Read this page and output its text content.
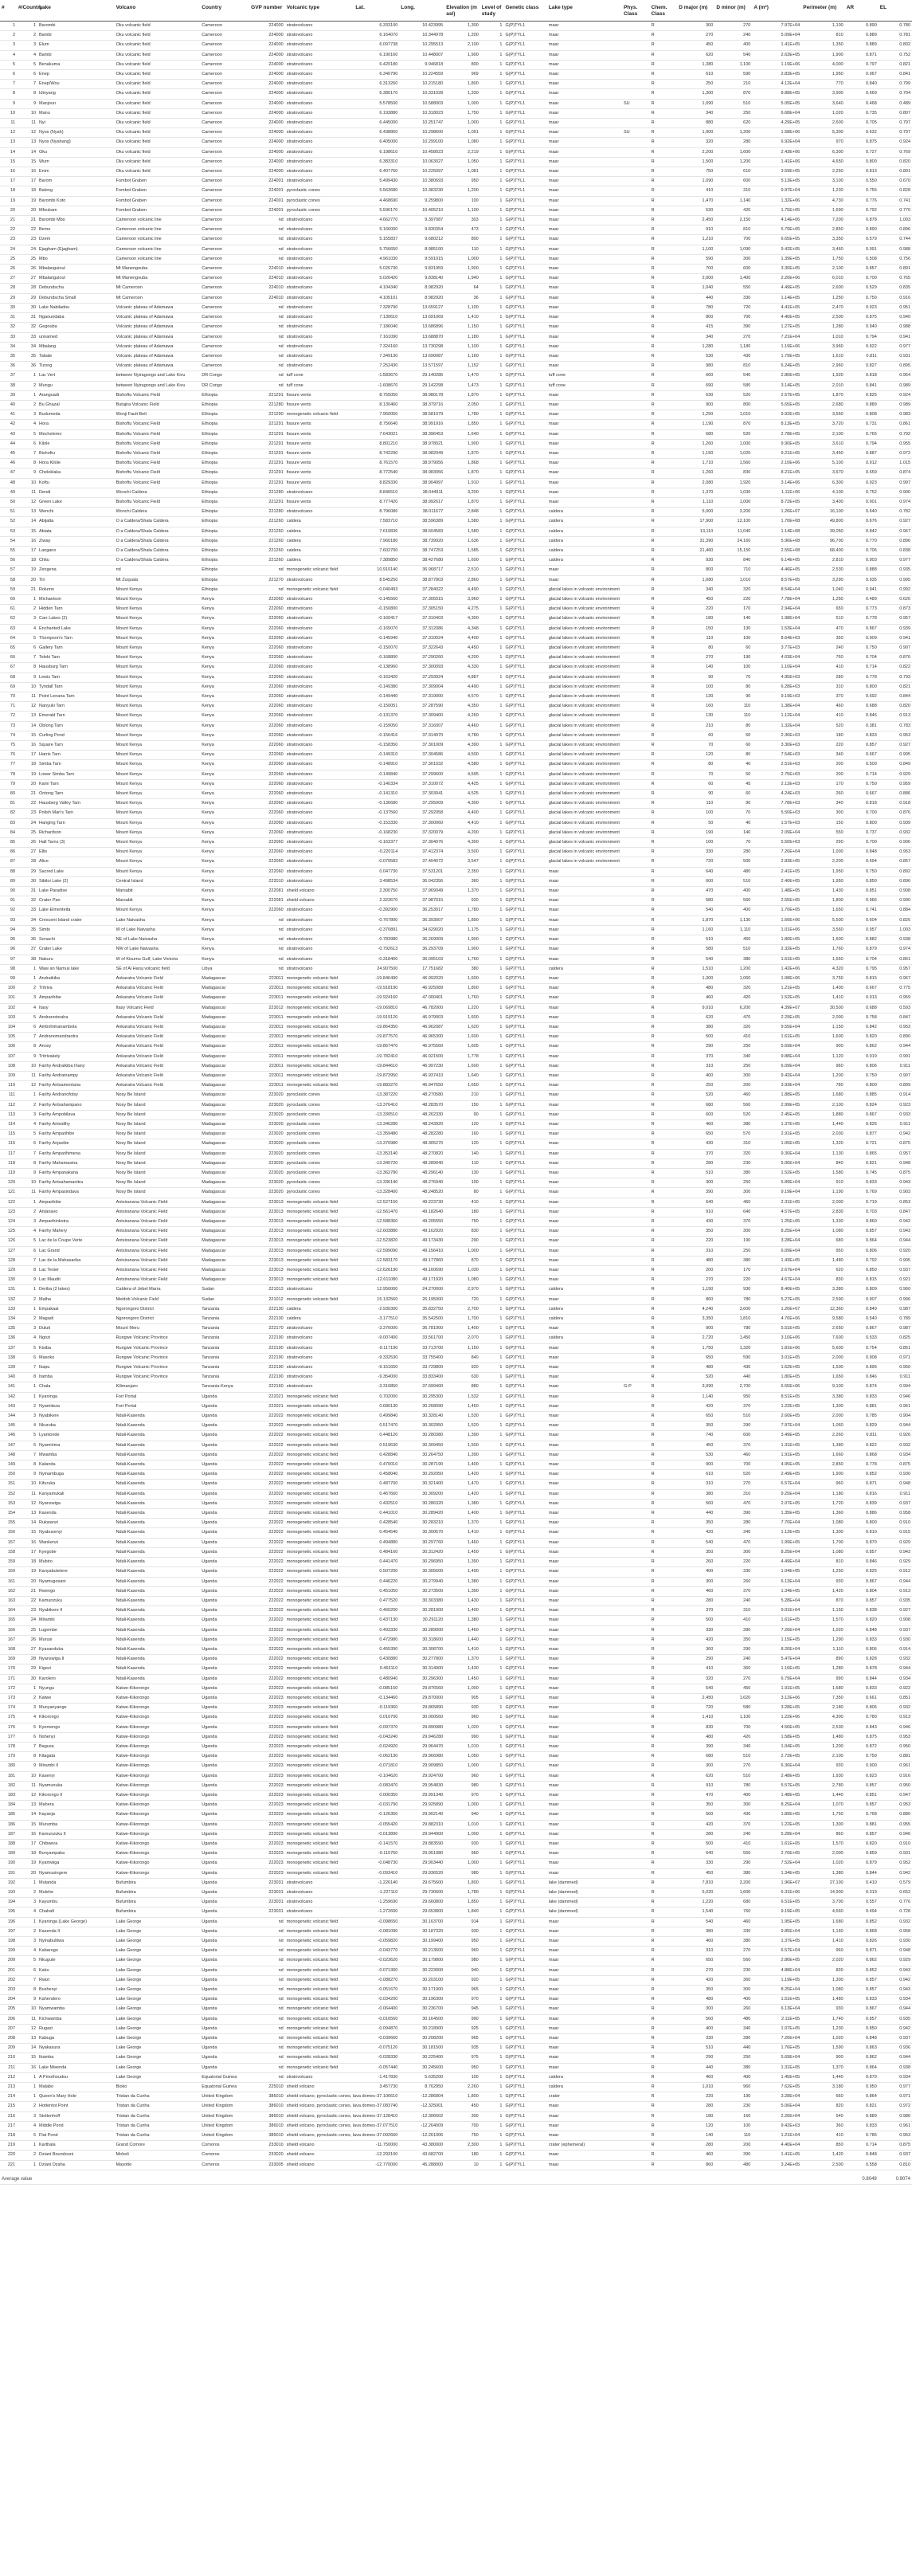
#	#/Country	Lake	Volcano	Country	GVP number	Volcanic type	Lat.	Long.	Elevation (m asl)	Level of study	Genetic class	Lake type	Phys. Class	Chem. Class	D major (m)	D minor (m)	A (m²)	Perimeter (m)	AR	EL
1	1	Barombi	Oku volcanic field	Cameroon	224000	stratovolcano	6.333100	10.423995	1,300	1	G(P)TYL1	maar		R	300	270	7.97E+04	1,100	0.890	0.780
2	2	Bambi	Oku volcanic field	Cameroon	224000	stratovolcano	6.164070	10.344978	1,200	1	G(P)TYL1	maar		R	270	240	5.09E+04	810	0.889	0.781
3	3	Elum	Oku volcanic field	Cameroon	224000	stratovolcano	6.097738	10.295513	2,100	1	G(P)TYL1	maar		R	450	400	1.41E+05	1,350	0.889	0.802
4	4	Bambi	Oku volcanic field	Cameroon	224000	stratovolcano	6.190160	10.448007	1,900	1	G(P)TYL1	maar		R	620	540	2.63E+05	1,900	0.871	0.752
5	5	Benakuma	Oku volcanic field	Cameroon	224000	stratovolcano	6.420180	9.946818	800	1	G(P)TYL1	maar		R	1,380	1,100	1.19E+06	4,000	0.797	0.821
6	6	Enep	Oku volcanic field	Cameroon	224000	stratovolcano	6.340790	10.224559	969	1	G(P)TYL1	maar		R	610	590	2.83E+05	1,950	0.967	0.841
7	7	Enep/Wou	Oku volcanic field	Cameroon	224000	stratovolcano	6.313260	10.215180	1,800	1	G(P)TYL1	maar		R	250	210	4.12E+04	770	0.840	0.799
8	8	Idinyang	Oku volcanic field	Cameroon	224000	stratovolcano	6.380170	10.331028	1,330	1	G(P)TYL1	maar		R	1,300	870	8.88E+05	3,900	0.669	0.704
9	9	Manjoun	Oku volcanic field	Cameroon	224000	stratovolcano	5.578500	10.588003	1,000	1	G(P)TYL1	maar	SU	R	1,090	510	5.05E+05	3,640	0.468	0.489
10	10	Manu	Oku volcanic field	Cameroon	224000	stratovolcano	6.193880	10.318023	1,750	1	G(P)TYL1	maar		R	340	250	6.68E+04	1,020	0.735	0.807
11	11	Nyi	Oku volcanic field	Cameroon	224000	stratovolcano	6.445000	10.251747	1,000	1	G(P)TYL1	maar		R	880	620	4.29E+05	2,600	0.705	0.797
12	12	Nyos (Nyah)	Oku volcanic field	Cameroon	224000	stratovolcano	6.438860	10.298600	1,091	1	G(P)TYL1	maar	SU	R	1,900	1,200	1.58E+06	5,300	0.632	0.707
13	13	Nyos (Nyahang)	Oku volcanic field	Cameroon	224000	stratovolcano	6.405000	10.299100	1,080	1	G(P)TYL1	maar		R	320	280	6.92E+04	970	0.875	0.924
14	14	Oku	Oku volcanic field	Cameroon	224000	stratovolcano	6.198610	10.458023	2,219	1	G(P)TYL1	maar		R	2,200	1,600	2.43E+06	6,300	0.727	0.769
15	15	Wum	Oku volcanic field	Cameroon	224000	stratovolcano	6.383310	10.063027	1,050	1	G(P)TYL1	maar		R	1,500	1,200	1.41E+06	4,650	0.800	0.820
16	16	Enim	Oku volcanic field	Cameroon	224000	stratovolcano	6.407760	10.225097	1,081	1	G(P)TYL1	maar		R	750	610	3.59E+05	2,250	0.813	0.891
17	17	Barom	Fombot Graben	Cameroon	224001	stratovolcano	5.499430	10.380693	950	1	G(P)TYL1	maar		R	1,090	600	5.13E+05	3,100	0.550	0.670
18	18	Baleng	Fombot Graben	Cameroon	224001	pyroclastic cones	5.563680	10.383230	1,200	1	G(P)TYL1	maar		R	410	310	9.97E+04	1,230	0.756	0.828
19	19	Barombi Koto	Fombot Graben	Cameroon	224001	pyroclastic cones	4.468690	9.259800	100	1	G(P)TYL1	maar		R	1,470	1,140	1.32E+06	4,730	0.776	0.741
20	20	Mfoukam	Fombot Graben	Cameroon	224001	pyroclastic cones	5.590170	10.405210	1,100	1	G(P)TYL1	maar		R	530	420	1.75E+05	1,690	0.792	0.770
21	21	Barombi Mbo	Cameroon volcanic line	Cameroon	nd	stratovolcano	4.662770	9.397087	303	1	G(P)TYL1	maar		R	2,450	2,150	4.14E+06	7,200	0.878	1.003
22	22	Beme	Cameroon volcanic line	Cameroon	nd	stratovolcano	5.166000	9.830354	473	1	G(P)TYL1	maar		R	910	810	5.79E+05	2,850	0.890	0.896
23	23	Dzem	Cameroon volcanic line	Cameroon	nd	stratovolcano	5.155837	9.680212	800	1	G(P)TYL1	maar		R	1,210	700	6.65E+05	3,350	0.579	0.744
24	24	Ejagham (Ejagham)	Cameroon volcanic line	Cameroon	nd	stratovolcano	5.756650	8.985100	110	1	G(P)TYL1	maar		R	1,100	1,090	9.42E+05	3,460	0.991	0.988
25	25	Mbo	Cameroon volcanic line	Cameroon	nd	stratovolcano	4.961030	9.591015	1,000	1	G(P)TYL1	maar		R	590	300	1.39E+05	1,750	0.508	0.756
26	26	Mbalanguioul	Mt Manengouba	Cameroon	224010	stratovolcano	5.026730	9.831959	1,900	1	G(P)TYL1	maar		R	700	600	3.30E+05	2,100	0.857	0.891
27	27	Mbalanguioul	Mt Manengouba	Cameroon	224010	stratovolcano	5.026420	9.838140	1,940	1	G(P)TYL1	maar		R	2,000	1,400	2.20E+06	6,010	0.700	0.765
28	28	Debundscha	Mt Cameroon	Cameroon	224010	stratovolcano	4.104340	8.982920	64	1	G(P)TYL1	maar		R	1,040	550	4.49E+05	2,600	0.529	0.835
29	29	Debundscha Small	Mt Cameroon	Cameroon	224010	stratovolcano	4.105101	8.982920	36	1	G(P)TYL1	maar		R	440	330	1.14E+05	1,250	0.750	0.916
30	30	Lake Nabiladou	Volcanic plateau of Adamawa	Cameroon	nd	stratovolcano	7.328790	13.659127	1,100	1	G(P)TYL1	maar		R	780	720	4.41E+05	2,470	0.923	0.951
31	31	Ngaoundaba	Volcanic plateau of Adamawa	Cameroon	nd	stratovolcano	7.130610	13.691069	1,410	1	G(P)TYL1	maar		R	800	700	4.40E+05	2,500	0.875	0.940
32	32	Gegouba	Volcanic plateau of Adamawa	Cameroon	nd	stratovolcano	7.186040	13.686896	1,150	1	G(P)TYL1	maar		R	415	390	1.27E+05	1,280	0.940	0.988
33	33	unnamed	Volcanic plateau of Adamawa	Cameroon	nd	stratovolcano	7.161090	13.688870	1,180	1	G(P)TYL1	maar		R	340	270	7.21E+04	1,010	0.794	0.941
34	34	Mbalang	Volcanic plateau of Adamawa	Cameroon	nd	stratovolcano	7.324160	13.730298	1,100	1	G(P)TYL1	maar		R	1,280	1,180	1.19E+06	3,960	0.922	0.977
35	35	Tabale	Volcanic plateau of Adamawa	Cameroon	nd	stratovolcano	7.349130	13.690087	1,160	1	G(P)TYL1	maar		R	530	430	1.79E+05	1,610	0.811	0.931
36	36	Tizong	Volcanic plateau of Adamawa	Cameroon	nd	stratovolcano	7.252430	13.571597	1,152	1	G(P)TYL1	maar		R	980	810	6.24E+05	2,960	0.827	0.895
37	1	Lac Vert	between Nyiragongo and Lake Kivu	DR Congo	nd	tuff cone	-1.583670	29.140286	1,470	1	G(P)TYL1	tuff cone		R	660	540	2.80E+05	1,920	0.818	0.954
38	2	Mungu	between Nyiragongo and Lake Kivu	DR Congo	nd	tuff cone	-1.608670	29.142298	1,473	1	G(P)TYL1	tuff cone		R	690	580	3.14E+05	2,010	0.841	0.989
39	1	Aranguadi	Bishoftu Volcanic Field	Ethiopia	221291	fissure vents	8.755050	38.980178	1,870	1	G(P)TYL1	maar		R	630	520	2.57E+05	1,870	0.825	0.924
40	2	Bu Ghazal	Butajira Volcanic Field	Ethiopia	221280	fissure vents	8.130460	38.379716	2,050	1	G(P)TYL1	maar		R	900	800	5.65E+05	2,680	0.889	0.989
41	3	Budumeda	Wonji Fault Belt	Ethiopia	221290	monogenetic volcanic field	7.950050	38.581079	1,780	1	G(P)TYL1	maar		R	1,250	1,010	9.92E+05	3,560	0.808	0.983
42	4	Hora	Bishoftu Volcanic Field	Ethiopia	221291	fissure vents	8.756640	38.991916	1,850	1	G(P)TYL1	maar		R	1,190	870	8.13E+05	3,720	0.731	0.861
43	5	Mechelemo	Bishoftu Volcanic Field	Ethiopia	221291	fissure vents	7.643021	38.396453	1,640	1	G(P)TYL1	maar		R	680	520	2.78E+05	2,100	0.765	0.792
44	6	Kilole	Bishoftu Volcanic Field	Ethiopia	221291	fissure vents	8.801210	38.978021	1,900	1	G(P)TYL1	maar		R	1,260	1,000	9.90E+05	3,610	0.794	0.955
45	7	Bishoftu	Bishoftu Volcanic Field	Ethiopia	221291	fissure vents	8.742290	38.982049	1,870	1	G(P)TYL1	maar		R	1,150	1,020	9.21E+05	3,450	0.887	0.972
46	8	Hora Kilole	Bishoftu Volcanic Field	Ethiopia	221291	fissure vents	8.761570	38.979056	1,868	1	G(P)TYL1	maar		R	1,710	1,560	2.10E+06	5,100	0.912	1.015
47	9	Cheleklaka	Bishoftu Volcanic Field	Ethiopia	221291	fissure vents	8.772540	38.983056	1,870	1	G(P)TYL1	maar		R	1,260	830	8.21E+05	3,670	0.659	0.874
48	10	Koftu	Bishoftu Volcanic Field	Ethiopia	221291	fissure vents	8.829330	38.904997	1,910	1	G(P)TYL1	maar		R	2,080	1,920	3.14E+06	6,300	0.923	0.997
49	11	Dendi	Wonchi Caldera	Ethiopia	221280	stratovolcano	8.846510	38.044911	3,200	1	G(P)TYL1	maar		R	1,370	1,030	1.11E+06	4,100	0.752	0.900
50	12	Green Lake	Bishoftu Volcanic Field	Ethiopia	221291	fissure vents	8.777420	38.992617	1,870	1	G(P)TYL1	maar		R	1,110	1,000	8.72E+05	3,400	0.901	0.974
51	13	Wenchi	Wonchi Caldera	Ethiopia	221280	stratovolcano	8.796086	38.011677	2,848	1	G(P)TYL1	caldera		R	5,000	3,200	1.26E+07	16,100	0.640	0.782
52	14	Abijatta	O a Caldera/Shala Caldera	Ethiopia	221260	caldera	7.583710	38.596389	1,580	1	G(P)TYL1	caldera		R	17,900	12,100	1.70E+08	49,800	0.676	0.927
53	15	Abiata	O a Caldera/Shala Caldera	Ethiopia	221260	caldera	7.610836	38.604583	1,580	1	G(P)TYL1	caldera		R	13,110	11,040	1.14E+08	39,050	0.842	0.967
54	16	Ziway	O a Caldera/Shala Caldera	Ethiopia	221260	caldera	7.960180	38.739920	1,636	1	G(P)TYL1	caldera		R	31,390	24,160	5.96E+08	96,700	0.770	0.896
55	17	Langano	O a Caldera/Shala Caldera	Ethiopia	221260	caldera	7.602700	38.747253	1,585	1	G(P)TYL1	caldera		R	21,460	15,150	2.55E+08	68,400	0.706	0.838
56	18	Chitu	O a Caldera/Shala Caldera	Ethiopia	221260	caldera	7.389850	38.427680	1,600	1	G(P)TYL1	caldera		R	930	840	6.14E+05	2,810	0.903	0.977
57	19	Zengena	nd	Ethiopia	nd	monogenetic volcanic field	10.910140	36.968717	2,510	1	G(P)TYL1	maar		R	800	710	4.46E+05	2,530	0.888	0.935
58	20	Tiri	Mt Zuquala	Ethiopia	221270	stratovolcano	8.545250	38.877803	2,860	1	G(P)TYL1	maar		R	1,080	1,010	8.57E+05	3,290	0.935	0.995
59	21	Rolumo	Mount Kenya	Ethiopia	nd	monogenetic volcanic field	-0.040493	37.284022	4,490	1	G(P)TYL1	glacial lakes in volcanic environment		R	340	320	8.54E+04	1,040	0.941	0.992
60	1	Michaelson	Mount Kenya	Kenya	222060	stratovolcano	-0.145560	37.305015	3,960	1	G(P)TYL1	glacial lakes in volcanic environment		R	450	220	7.78E+04	1,250	0.489	0.626
61	2	Hidden Tarn	Mount Kenya	Kenya	222060	stratovolcano	-0.150800	37.305150	4,275	1	G(P)TYL1	glacial lakes in volcanic environment		R	220	170	2.94E+04	650	0.773	0.873
62	3	Carr Lakes (2)	Mount Kenya	Kenya	222060	stratovolcano	-0.160417	37.310403	4,300	1	G(P)TYL1	glacial lakes in volcanic environment		R	180	140	1.98E+04	510	0.778	0.957
63	4	Enchanted Lake	Mount Kenya	Kenya	222060	stratovolcano	-0.165070	37.312086	4,348	1	G(P)TYL1	glacial lakes in volcanic environment		R	150	130	1.53E+04	470	0.867	0.939
64	5	Thompson's Tarn	Mount Kenya	Kenya	222060	stratovolcano	-0.145940	37.310024	4,400	1	G(P)TYL1	glacial lakes in volcanic environment		R	110	100	8.64E+03	350	0.909	0.941
65	6	Gallery Tarn	Mount Kenya	Kenya	222060	stratovolcano	-0.150070	37.322643	4,450	1	G(P)TYL1	glacial lakes in volcanic environment		R	80	60	3.77E+03	240	0.750	0.907
66	7	Teleki Tarn	Mount Kenya	Kenya	222060	stratovolcano	-0.168800	37.290260	4,200	1	G(P)TYL1	glacial lakes in volcanic environment		R	270	190	4.03E+04	760	0.704	0.876
67	8	Hausburg Tarn	Mount Kenya	Kenya	222060	stratovolcano	-0.138960	37.300093	4,330	1	G(P)TYL1	glacial lakes in volcanic environment		R	140	100	1.10E+04	410	0.714	0.822
68	9	Lewis Tarn	Mount Kenya	Kenya	222060	stratovolcano	-0.163420	37.293924	4,887	1	G(P)TYL1	glacial lakes in volcanic environment		R	90	70	4.95E+03	280	0.778	0.793
69	10	Tyndall Tarn	Mount Kenya	Kenya	222060	stratovolcano	-0.149380	37.309004	4,490	1	G(P)TYL1	glacial lakes in volcanic environment		R	100	80	6.28E+03	310	0.800	0.821
70	11	Point Lenana Tarn	Mount Kenya	Kenya	222060	stratovolcano	-0.149440	37.319000	4,570	1	G(P)TYL1	glacial lakes in volcanic environment		R	130	90	9.19E+03	370	0.692	0.844
71	12	Nanyuki Tarn	Mount Kenya	Kenya	222060	stratovolcano	-0.150051	37.287590	4,350	1	G(P)TYL1	glacial lakes in volcanic environment		R	160	110	1.38E+04	460	0.688	0.820
72	13	Emerald Tarn	Mount Kenya	Kenya	222060	stratovolcano	-0.131370	37.309400	4,260	1	G(P)TYL1	glacial lakes in volcanic environment		R	130	110	1.12E+04	410	0.846	0.913
73	14	Oblong Tarn	Mount Kenya	Kenya	222060	stratovolcano	-0.159050	37.316007	4,460	1	G(P)TYL1	glacial lakes in volcanic environment		R	210	80	1.32E+04	520	0.381	0.783
74	15	Curling Pond	Mount Kenya	Kenya	222060	stratovolcano	-0.156416	37.314970	4,780	1	G(P)TYL1	glacial lakes in volcanic environment		R	60	50	2.36E+03	180	0.833	0.953
75	16	Square Tarn	Mount Kenya	Kenya	222060	stratovolcano	-0.158350	37.301009	4,390	1	G(P)TYL1	glacial lakes in volcanic environment		R	70	60	3.30E+03	220	0.857	0.927
76	17	Harris Tarn	Mount Kenya	Kenya	222060	stratovolcano	-0.149310	37.304586	4,500	1	G(P)TYL1	glacial lakes in volcanic environment		R	120	80	7.54E+03	340	0.667	0.905
77	18	Simba Tarn	Mount Kenya	Kenya	222060	stratovolcano	-0.148910	37.301032	4,580	1	G(P)TYL1	glacial lakes in volcanic environment		R	80	40	2.51E+03	200	0.500	0.849
78	19	Lower Simba Tarn	Mount Kenya	Kenya	222060	stratovolcano	-0.149840	37.299600	4,595	1	G(P)TYL1	glacial lakes in volcanic environment		R	70	50	2.75E+03	200	0.714	0.929
79	20	Kami Tarn	Mount Kenya	Kenya	222060	stratovolcano	-0.140334	37.310072	4,425	1	G(P)TYL1	glacial lakes in volcanic environment		R	60	45	2.12E+03	170	0.750	0.959
80	21	Ontong Tarn	Mount Kenya	Kenya	222060	stratovolcano	-0.141310	37.303041	4,525	1	G(P)TYL1	glacial lakes in volcanic environment		R	90	60	4.24E+03	260	0.667	0.886
81	22	Hausberg Valley Tarn	Mount Kenya	Kenya	222060	stratovolcano	-0.136680	37.295009	4,300	1	G(P)TYL1	glacial lakes in volcanic environment		R	110	90	7.78E+03	340	0.818	0.918
82	23	Polish Man's Tarn	Mount Kenya	Kenya	222060	stratovolcano	-0.137560	37.292058	4,400	1	G(P)TYL1	glacial lakes in volcanic environment		R	100	70	5.50E+03	300	0.700	0.876
83	24	Hanging Tarn	Mount Kenya	Kenya	222060	stratovolcano	-0.153330	37.300060	4,410	1	G(P)TYL1	glacial lakes in volcanic environment		R	50	40	1.57E+03	150	0.800	0.939
84	25	Richardson	Mount Kenya	Kenya	222060	stratovolcano	-0.168230	37.320079	4,200	1	G(P)TYL1	glacial lakes in volcanic environment		R	190	140	2.09E+04	550	0.737	0.932
85	26	Hall Tarns (3)	Mount Kenya	Kenya	222060	stratovolcano	-0.163377	37.304076	4,300	1	G(P)TYL1	glacial lakes in volcanic environment		R	100	70	5.50E+03	290	0.700	0.906
86	27	Ellis	Mount Kenya	Kenya	222060	stratovolcano	-0.220114	37.412374	3,500	1	G(P)TYL1	glacial lakes in volcanic environment		R	330	280	7.26E+04	1,000	0.848	0.953
87	28	Alice	Mount Kenya	Kenya	222060	stratovolcano	-0.070583	37.404072	3,547	1	G(P)TYL1	glacial lakes in volcanic environment		R	720	500	2.83E+05	2,200	0.694	0.857
88	29	Sacred Lake	Mount Kenya	Kenya	222060	stratovolcano	0.047730	37.531201	2,350	1	G(P)TYL1	maar		R	640	480	2.41E+05	1,950	0.750	0.892
89	30	Sibiloi Lake (2)	Central Island	Kenya	222010	stratovolcano	3.498534	36.042356	360	1	G(P)TYL1	maar		R	600	510	2.40E+05	1,950	0.850	0.896
90	31	Lake Paradise	Marsabit	Kenya	222081	shield volcano	2.300750	37.969049	1,370	1	G(P)TYL1	maar		R	470	400	1.48E+05	1,430	0.851	0.908
91	32	Crater Pan	Marsabit	Kenya	222081	shield volcano	2.323670	37.987015	920	1	G(P)TYL1	maar		R	580	560	2.55E+05	1,800	0.966	0.990
92	33	Lake Elmenteita	Mount Kenya	Kenya	222060	stratovolcano	-0.392900	36.253017	1,780	1	G(P)TYL1	maar		R	540	400	1.70E+05	1,650	0.741	0.884
93	34	Crescent Island crater	Lake Naivasha	Kenya	nd	stratovolcano	-0.767800	36.393007	1,890	1	G(P)TYL1	maar		R	1,870	1,130	1.66E+06	5,500	0.604	0.826
94	35	Simbi	W of Lake Naivasha	Kenya	nd	stratovolcano	-0.370891	34.629020	1,175	1	G(P)TYL1	maar		R	1,160	1,110	1.01E+06	3,560	0.957	1.003
95	36	Sonachi	NE of Lake Naivasha	Kenya	nd	stratovolcano	-0.783980	36.269009	1,900	1	G(P)TYL1	maar		R	510	450	1.80E+05	1,600	0.882	0.938
96	37	Crater Lake	NW of Lake Naivasha	Kenya	nd	stratovolcano	-0.792613	36.293709	1,900	1	G(P)TYL1	maar		R	580	510	2.32E+05	1,760	0.879	0.974
97	38	Nakuru	W of Kisumu Gulf, Lake Victoria	Kenya	nd	stratovolcano	-0.318400	36.095103	1,760	1	G(P)TYL1	maar		R	540	380	1.61E+05	1,650	0.704	0.861
98	1	Waw an Namus lake	SE of Al Haruj volcanic field	Libya	nd	stratovolcano	24.907500	17.751682	380	1	G(P)TYL1	caldera		R	1,510	1,200	1.42E+06	4,320	0.795	0.957
99	1	Andraikiba	Ankaratra Volcanic Field	Madagascar	223011	monogenetic volcanic field	-19.846490	46.992020	1,600	1	G(P)TYL1	maar		R	1,300	1,060	1.08E+06	3,750	0.815	0.967
100	2	Tritriva	Ankaratra Volcanic Field	Madagascar	223011	monogenetic volcanic field	-19.918190	46.925089	1,800	1	G(P)TYL1	maar		R	480	320	1.21E+05	1,400	0.667	0.775
101	3	Amparihibe	Ankaratra Volcanic Field	Madagascar	223011	monogenetic volcanic field	-19.924160	47.000401	1,760	1	G(P)TYL1	maar		R	460	420	1.52E+05	1,410	0.913	0.959
102	4	Itasy	Itasy Volcanic Field	Madagascar	223012	monogenetic volcanic field	-19.069810	46.782000	1,220	1	G(P)TYL1	maar		R	9,010	6,200	4.39E+07	30,500	0.688	0.593
103	5	Andranotoraha	Ankaratra Volcanic Field	Madagascar	223011	monogenetic volcanic field	-19.919120	46.979003	1,600	1	G(P)TYL1	maar		R	620	470	2.29E+05	2,000	0.758	0.847
104	6	Ambohimanambola	Ankaratra Volcanic Field	Madagascar	223011	monogenetic volcanic field	-19.864350	46.962087	1,620	1	G(P)TYL1	maar		R	380	320	9.55E+04	1,150	0.842	0.953
105	7	Andranomandraotra	Ankaratra Volcanic Field	Madagascar	223011	monogenetic volcanic field	-19.877570	46.965300	1,600	1	G(P)TYL1	maar		R	500	410	1.61E+05	1,600	0.820	0.890
106	8	Anosy	Ankaratra Volcanic Field	Madagascar	223011	monogenetic volcanic field	-19.867470	46.975560	1,605	1	G(P)TYL1	maar		R	290	250	5.69E+04	900	0.862	0.944
107	9	Tritrivakely	Ankaratra Volcanic Field	Madagascar	223011	monogenetic volcanic field	-19.782410	46.921500	1,778	1	G(P)TYL1	maar		R	370	340	9.88E+04	1,120	0.919	0.991
108	10	Farihy Andraikiba Ihany	Ankaratra Volcanic Field	Madagascar	223011	monogenetic volcanic field	-19.844610	46.997230	1,600	1	G(P)TYL1	maar		R	310	250	6.09E+04	960	0.806	0.911
109	11	Farihy Andrainampy	Ankaratra Volcanic Field	Madagascar	223011	monogenetic volcanic field	-19.873950	46.937410	1,640	1	G(P)TYL1	maar		R	400	300	9.42E+04	1,200	0.750	0.907
110	12	Farihy Antsamontana	Ankaratra Volcanic Field	Madagascar	223011	monogenetic volcanic field	-19.883270	46.947650	1,650	1	G(P)TYL1	maar		R	250	200	3.93E+04	780	0.800	0.899
111	1	Farihy Andranofotsy	Nosy Be Island	Madagascar	223020	pyroclastic cones	-13.387220	48.270580	210	1	G(P)TYL1	maar		R	520	460	1.88E+05	1,680	0.885	0.914
112	2	Farihy Antsahampano	Nosy Be Island	Madagascar	223020	pyroclastic cones	-13.376410	48.283570	150	1	G(P)TYL1	maar		R	680	560	2.99E+05	2,100	0.824	0.923
113	3	Farihy Ampobilava	Nosy Be Island	Madagascar	223020	pyroclastic cones	-13.330510	48.262330	90	1	G(P)TYL1	maar		R	600	520	2.45E+05	1,880	0.867	0.933
114	4	Farihy Antsidihy	Nosy Be Island	Madagascar	223020	pyroclastic cones	-13.346280	48.243920	120	1	G(P)TYL1	maar		R	460	380	1.37E+05	1,440	0.826	0.911
115	5	Farihy Amparihibe	Nosy Be Island	Madagascar	223020	pyroclastic cones	-13.359480	48.282280	160	1	G(P)TYL1	maar		R	650	570	2.91E+05	2,030	0.877	0.942
116	6	Farihy Anjavibe	Nosy Be Island	Madagascar	223020	pyroclastic cones	-13.370980	48.305270	120	1	G(P)TYL1	maar		R	430	310	1.05E+05	1,320	0.721	0.875
117	7	Farihy Amparihimena	Nosy Be Island	Madagascar	223020	pyroclastic cones	-13.353140	48.270820	140	1	G(P)TYL1	maar		R	370	320	9.30E+04	1,130	0.865	0.957
118	8	Farihy Mahamasina	Nosy Be Island	Madagascar	223020	pyroclastic cones	-13.340720	48.289040	110	1	G(P)TYL1	maar		R	280	230	5.06E+04	840	0.821	0.948
119	9	Farihy Ampanakana	Nosy Be Island	Madagascar	223020	pyroclastic cones	-13.362780	48.296140	130	1	G(P)TYL1	maar		R	510	380	1.52E+05	1,580	0.745	0.875
120	10	Farihy Antsahamanitra	Nosy Be Island	Madagascar	223020	pyroclastic cones	-13.336140	48.276940	100	1	G(P)TYL1	maar		R	300	250	5.89E+04	910	0.833	0.943
121	11	Farihy Ampasindava	Nosy Be Island	Madagascar	223020	pyroclastic cones	-13.328400	48.248520	80	1	G(P)TYL1	maar		R	390	300	9.19E+04	1,190	0.769	0.903
122	1	Amparihibe	Antsiranana Volcanic Field	Madagascar	223013	monogenetic volcanic field	-12.527150	49.223730	410	1	G(P)TYL1	maar		R	640	460	2.31E+05	2,000	0.719	0.853
123	2	Antanavo	Antsiranana Volcanic Field	Madagascar	223013	monogenetic volcanic field	-12.561470	49.182640	180	1	G(P)TYL1	maar		R	910	640	4.57E+05	2,830	0.703	0.847
124	3	Amparihinkotra	Antsiranana Volcanic Field	Madagascar	223013	monogenetic volcanic field	-12.588360	49.205550	750	1	G(P)TYL1	maar		R	430	370	1.25E+05	1,330	0.860	0.942
125	4	Farihy Mahery	Antsiranana Volcanic Field	Madagascar	223013	monogenetic volcanic field	-12.603880	49.162920	830	1	G(P)TYL1	maar		R	350	300	8.25E+04	1,080	0.857	0.943
126	5	Lac de la Coupe Verte	Antsiranana Volcanic Field	Madagascar	223013	monogenetic volcanic field	-12.523820	49.173430	290	1	G(P)TYL1	maar		R	220	190	3.28E+04	680	0.864	0.944
127	6	Lac Grand	Antsiranana Volcanic Field	Madagascar	223013	monogenetic volcanic field	-12.599090	49.156410	1,000	1	G(P)TYL1	maar		R	310	250	6.09E+04	950	0.806	0.920
128	7	Lac de la Mahasarika	Antsiranana Volcanic Field	Madagascar	223013	monogenetic volcanic field	-12.583170	49.177860	870	1	G(P)TYL1	maar		R	480	380	1.43E+05	1,480	0.792	0.905
129	8	Lac Texier	Antsiranana Volcanic Field	Madagascar	223013	monogenetic volcanic field	-12.626190	49.160690	1,030	1	G(P)TYL1	maar		R	200	170	2.67E+04	620	0.850	0.937
130	9	Lac Maudit	Antsiranana Volcanic Field	Madagascar	223013	monogenetic volcanic field	-12.611080	49.171920	1,080	1	G(P)TYL1	maar		R	270	220	4.67E+04	830	0.815	0.921
131	1	Deriba (2 lakes)	Caldera of Jebel Marra	Sudan	221013	stratovolcano	12.950000	24.270000	2,970	1	G(P)TYL1	caldera		R	1,150	930	8.40E+05	3,380	0.809	0.960
132	2	Malha	Meidob Volcanic Field	Sudan	221012	monogenetic volcanic field	15.132560	26.195000	720	1	G(P)TYL1	maar		R	860	780	5.27E+05	2,590	0.907	0.996
133	1	Empakaai	Ngorongoro District	Tanzania	222130	caldera	-2.930300	35.832750	2,700	1	G(P)TYL1	caldera		R	4,240	3,600	1.20E+07	12,360	0.849	0.987
134	2	Magadi	Ngorongoro District	Tanzania	222130	caldera	-3.177510	35.542500	1,700	1	G(P)TYL1	caldera		R	3,350	1,810	4.76E+06	9,580	0.540	0.789
135	3	Duluti	Mount Meru	Tanzania	222170	stratovolcano	-3.376000	36.781000	1,400	1	G(P)TYL1	maar		R	900	780	5.51E+05	2,650	0.867	0.987
136	4	Ngozi	Rungwe Volcanic Province	Tanzania	222190	stratovolcano	-9.007400	33.561700	2,070	1	G(P)TYL1	caldera		R	2,720	1,450	3.10E+06	7,600	0.533	0.825
137	5	Kisiba	Rungwe Volcanic Province	Tanzania	222190	stratovolcano	-9.117190	33.713700	1,150	1	G(P)TYL1	maar		R	1,750	1,320	1.81E+06	5,600	0.754	0.851
138	6	Masoko	Rungwe Volcanic Province	Tanzania	222190	stratovolcano	-9.332530	33.755400	840	1	G(P)TYL1	maar		R	650	590	3.01E+05	2,000	0.908	0.971
139	7	Ikapu	Rungwe Volcanic Province	Tanzania	222190	stratovolcano	-9.151650	33.729800	920	1	G(P)TYL1	maar		R	480	430	1.62E+05	1,500	0.896	0.950
140	8	Itamba	Rungwe Volcanic Province	Tanzania	222190	stratovolcano	-9.354000	33.833400	630	1	G(P)TYL1	maar		R	520	440	1.80E+05	1,650	0.846	0.911
141	1	Chala	Kilimanjaro	Tanzania-Kenya	222160	stratovolcano	-3.316850	37.699400	880	1	G(P)TYL1	maar	G-P	R	3,090	2,700	6.55E+06	9,100	0.874	0.994
142	1	Kyaninga	Fort Portal	Uganda	222021	monogenetic volcanic field	0.702000	30.295300	1,532	1	G(P)TYL1	maar		R	1,140	950	8.51E+05	3,380	0.833	0.946
143	2	Nyamiteza	Fort Portal	Uganda	222021	monogenetic volcanic field	0.680130	30.268090	1,450	1	G(P)TYL1	maar		R	420	370	1.22E+05	1,300	0.881	0.961
144	3	Nyabikere	Ndali-Kasenda	Uganda	222022	monogenetic volcanic field	0.499840	30.328140	1,530	1	G(P)TYL1	maar		R	650	510	2.60E+05	2,000	0.785	0.904
145	4	Nkuruba	Ndali-Kasenda	Uganda	222022	monogenetic volcanic field	0.517470	30.302950	1,520	1	G(P)TYL1	maar		R	350	290	7.97E+04	1,060	0.829	0.944
146	5	Lyantonde	Ndali-Kasenda	Uganda	222022	monogenetic volcanic field	0.448120	30.280380	1,390	1	G(P)TYL1	maar		R	740	600	3.49E+05	2,260	0.811	0.926
147	6	Nyamirima	Ndali-Kasenda	Uganda	222022	monogenetic volcanic field	0.519630	30.309450	1,500	1	G(P)TYL1	maar		R	450	370	1.31E+05	1,380	0.822	0.932
148	7	Mwamba	Ndali-Kasenda	Uganda	222022	monogenetic volcanic field	0.428840	30.264750	1,390	1	G(P)TYL1	maar		R	530	460	1.91E+05	1,660	0.868	0.934
149	8	Katanda	Ndali-Kasenda	Uganda	222022	monogenetic volcanic field	0.470010	30.287190	1,400	1	G(P)TYL1	maar		R	900	700	4.95E+05	2,850	0.778	0.875
150	9	Nyinambuga	Ndali-Kasenda	Uganda	222022	monogenetic volcanic field	0.458040	30.292050	1,420	1	G(P)TYL1	maar		R	610	520	2.49E+05	1,900	0.852	0.930
151	10	Kifuruka	Ndali-Kasenda	Uganda	222022	monogenetic volcanic field	0.487700	30.321400	1,470	1	G(P)TYL1	maar		R	310	270	6.57E+04	960	0.871	0.948
152	11	Kanyamukali	Ndali-Kasenda	Uganda	222022	monogenetic volcanic field	0.467660	30.309200	1,420	1	G(P)TYL1	maar		R	380	310	9.25E+04	1,180	0.816	0.911
153	12	Nyanswiga	Ndali-Kasenda	Uganda	222022	monogenetic volcanic field	0.432510	30.286320	1,380	1	G(P)TYL1	maar		R	560	470	2.07E+05	1,720	0.839	0.937
154	13	Kasenda	Ndali-Kasenda	Uganda	222022	monogenetic volcanic field	0.441010	30.289420	1,400	1	G(P)TYL1	maar		R	440	390	1.35E+05	1,360	0.886	0.958
155	14	Rukwanzi	Ndali-Kasenda	Uganda	222022	monogenetic volcanic field	0.428540	30.283210	1,370	1	G(P)TYL1	maar		R	350	280	7.70E+04	1,080	0.800	0.910
156	15	Nyabusenyi	Ndali-Kasenda	Uganda	222022	monogenetic volcanic field	0.454540	30.300570	1,410	1	G(P)TYL1	maar		R	420	340	1.12E+05	1,300	0.810	0.915
157	16	Wankenzi	Ndali-Kasenda	Uganda	222022	monogenetic volcanic field	0.494880	30.297760	1,460	1	G(P)TYL1	maar		R	540	470	1.99E+05	1,700	0.870	0.929
158	17	Kyegobe	Ndali-Kasenda	Uganda	222022	monogenetic volcanic field	0.484160	30.312420	1,450	1	G(P)TYL1	maar		R	350	300	8.25E+04	1,080	0.857	0.943
159	18	Mubiro	Ndali-Kasenda	Uganda	222022	monogenetic volcanic field	0.441470	30.296950	1,390	1	G(P)TYL1	maar		R	260	220	4.49E+04	810	0.846	0.929
160	19	Kanyabutetere	Ndali-Kasenda	Uganda	222022	monogenetic volcanic field	0.507200	30.305600	1,490	1	G(P)TYL1	maar		R	400	330	1.04E+05	1,250	0.825	0.912
161	20	Nyamugosani	Ndali-Kasenda	Uganda	222022	monogenetic volcanic field	0.446220	30.279940	1,380	1	G(P)TYL1	maar		R	300	260	6.13E+04	930	0.867	0.944
162	21	Rwengo	Ndali-Kasenda	Uganda	222022	monogenetic volcanic field	0.451050	30.273500	1,390	1	G(P)TYL1	maar		R	460	370	1.34E+05	1,420	0.804	0.913
163	22	Kamunzuku	Ndali-Kasenda	Uganda	222022	monogenetic volcanic field	0.477520	30.303380	1,430	1	G(P)TYL1	maar		R	280	240	5.28E+04	870	0.857	0.935
164	23	Nyabikere II	Ndali-Kasenda	Uganda	222022	monogenetic volcanic field	0.460200	30.281900	1,400	1	G(P)TYL1	maar		R	370	310	9.01E+04	1,150	0.838	0.927
165	24	Mirambi	Ndali-Kasenda	Uganda	222022	monogenetic volcanic field	0.437130	30.291120	1,380	1	G(P)TYL1	maar		R	500	410	1.61E+05	1,570	0.820	0.908
166	25	Lugembe	Ndali-Kasenda	Uganda	222022	monogenetic volcanic field	0.493330	30.289000	1,460	1	G(P)TYL1	maar		R	330	280	7.26E+04	1,020	0.848	0.937
167	26	Murusi	Ndali-Kasenda	Uganda	222022	monogenetic volcanic field	0.472980	30.318600	1,440	1	G(P)TYL1	maar		R	420	350	1.15E+05	1,290	0.833	0.930
168	27	Kyasanduka	Ndali-Kasenda	Uganda	222022	monogenetic volcanic field	0.455390	30.308700	1,410	1	G(P)TYL1	maar		R	360	290	8.20E+04	1,110	0.806	0.914
169	28	Nyanswiga II	Ndali-Kasenda	Uganda	222022	monogenetic volcanic field	0.430880	30.277800	1,370	1	G(P)TYL1	maar		R	290	240	5.47E+04	890	0.828	0.932
170	29	Kigezi	Ndali-Kasenda	Uganda	222022	monogenetic volcanic field	0.463110	30.314900	1,430	1	G(P)TYL1	maar		R	410	360	1.16E+05	1,280	0.878	0.944
171	30	Karolero	Ndali-Kasenda	Uganda	222022	monogenetic volcanic field	0.480940	30.296300	1,450	1	G(P)TYL1	maar		R	320	270	6.79E+04	990	0.844	0.934
172	1	Nyungu	Katwe-Kikorongo	Uganda	222023	monogenetic volcanic field	-0.085150	29.876560	1,000	1	G(P)TYL1	maar		R	540	450	1.91E+05	1,680	0.833	0.922
173	2	Katwe	Katwe-Kikorongo	Uganda	222023	monogenetic volcanic field	-0.134460	29.870000	905	1	G(P)TYL1	maar		R	2,450	1,620	3.12E+06	7,350	0.661	0.851
174	3	Munyanyange	Katwe-Kikorongo	Uganda	222023	monogenetic volcanic field	-0.119360	29.865890	930	1	G(P)TYL1	maar		R	720	580	3.28E+05	2,180	0.806	0.932
175	4	Kikorongo	Katwe-Kikorongo	Uganda	222023	monogenetic volcanic field	0.010700	30.000560	960	1	G(P)TYL1	maar		R	1,410	1,100	1.22E+06	4,300	0.780	0.913
176	5	Kyemengo	Katwe-Kikorongo	Uganda	222023	monogenetic volcanic field	-0.097370	29.890980	1,020	1	G(P)TYL1	maar		R	830	700	4.56E+05	2,530	0.843	0.946
177	6	Nshenyi	Katwe-Kikorongo	Uganda	222023	monogenetic volcanic field	-0.043240	29.946280	990	1	G(P)TYL1	maar		R	480	420	1.58E+05	1,480	0.875	0.953
178	7	Bagusa	Katwe-Kikorongo	Uganda	222023	monogenetic volcanic field	-0.024920	29.964470	1,010	1	G(P)TYL1	maar		R	390	340	1.04E+05	1,200	0.872	0.950
179	8	Kitagata	Katwe-Kikorongo	Uganda	222023	monogenetic volcanic field	-0.062130	29.966980	1,050	1	G(P)TYL1	maar		R	680	510	2.72E+05	2,100	0.750	0.881
180	9	Mirambi II	Katwe-Kikorongo	Uganda	222023	monogenetic volcanic field	-0.071810	29.909850	1,000	1	G(P)TYL1	maar		R	300	270	6.36E+04	930	0.900	0.961
181	10	Kasenyi	Katwe-Kikorongo	Uganda	222023	monogenetic volcanic field	-0.104620	29.924700	960	1	G(P)TYL1	maar		R	620	510	2.48E+05	1,930	0.823	0.916
182	11	Nyamunuka	Katwe-Kikorongo	Uganda	222023	monogenetic volcanic field	-0.083470	29.954830	980	1	G(P)TYL1	maar		R	910	780	5.57E+05	2,780	0.857	0.950
183	12	Kikorongo II	Katwe-Kikorongo	Uganda	222023	monogenetic volcanic field	0.000350	29.991340	970	1	G(P)TYL1	maar		R	470	400	1.48E+05	1,440	0.851	0.947
184	13	Mahera	Katwe-Kikorongo	Uganda	222023	monogenetic volcanic field	-0.031790	29.925890	1,000	1	G(P)TYL1	maar		R	350	300	8.25E+04	1,070	0.857	0.953
185	14	Kayanja	Katwe-Kikorongo	Uganda	222023	monogenetic volcanic field	-0.126350	29.902140	940	1	G(P)TYL1	maar		R	560	430	1.89E+05	1,750	0.768	0.880
186	15	Murumba	Katwe-Kikorongo	Uganda	222023	monogenetic volcanic field	-0.055420	29.882310	1,010	1	G(P)TYL1	maar		R	420	370	1.22E+05	1,300	0.881	0.955
187	16	Kamunzuku II	Katwe-Kikorongo	Uganda	222023	monogenetic volcanic field	-0.013890	29.944900	1,000	1	G(P)TYL1	maar		R	280	240	5.28E+04	860	0.857	0.946
188	17	Chibwera	Katwe-Kikorongo	Uganda	222023	monogenetic volcanic field	-0.141570	29.883590	930	1	G(P)TYL1	maar		R	500	410	1.61E+05	1,570	0.820	0.910
189	18	Bunyampaka	Katwe-Kikorongo	Uganda	222023	monogenetic volcanic field	-0.110760	29.951080	960	1	G(P)TYL1	maar		R	640	550	2.76E+05	2,000	0.859	0.931
190	19	Kyamwiga	Katwe-Kikorongo	Uganda	222023	monogenetic volcanic field	-0.048730	29.903440	1,000	1	G(P)TYL1	maar		R	330	290	7.52E+04	1,020	0.879	0.952
191	20	Nyamusingere	Katwe-Kikorongo	Uganda	222023	monogenetic volcanic field	-0.093410	29.936520	980	1	G(P)TYL1	maar		R	450	380	1.34E+05	1,380	0.844	0.942
192	1	Mutanda	Bufumbira	Uganda	223031	stratovolcano	-1.226140	29.675600	1,800	1	G(P)TYL1	lake (dammed)		R	7,810	3,200	1.96E+07	27,100	0.410	0.579
193	2	Mulehe	Bufumbira	Uganda	223031	stratovolcano	-1.227110	29.730600	1,780	1	G(P)TYL1	lake (dammed)		R	5,020	1,600	6.31E+06	14,900	0.319	0.652
194	3	Kayumbu	Bufumbira	Uganda	223031	stratovolcano	-1.259690	29.660800	1,850	1	G(P)TYL1	lake (dammed)		R	1,220	680	6.51E+05	3,700	0.557	0.776
195	4	Chahafi	Bufumbira	Uganda	223031	stratovolcano	-1.272600	29.653800	1,840	1	G(P)TYL1	lake (dammed)		R	1,540	760	9.19E+05	4,660	0.494	0.728
196	1	Kyaninga (Lake George)	Lake George	Uganda	nd	monogenetic volcanic field	-0.098650	30.163700	914	1	G(P)TYL1	maar		R	540	460	1.95E+05	1,680	0.852	0.932
197	2	Kasenda II	Lake George	Uganda	nd	monogenetic volcanic field	-0.081090	30.187320	930	1	G(P)TYL1	maar		R	380	330	9.85E+04	1,160	0.868	0.958
198	3	Nyinabulitwa	Lake George	Uganda	nd	monogenetic volcanic field	-0.059820	30.199400	950	1	G(P)TYL1	maar		R	460	380	1.37E+05	1,410	0.826	0.930
199	4	Kabarogo	Lake George	Uganda	nd	monogenetic volcanic field	-0.043770	30.213600	960	1	G(P)TYL1	maar		R	310	270	6.57E+04	960	0.871	0.948
200	5	Nkugute	Lake George	Uganda	nd	monogenetic volcanic field	-0.023620	30.179800	980	1	G(P)TYL1	maar		R	650	560	2.86E+05	2,020	0.862	0.929
201	6	Kako	Lake George	Uganda	nd	monogenetic volcanic field	-0.071300	30.223000	940	1	G(P)TYL1	maar		R	270	230	4.88E+04	830	0.852	0.943
202	7	Rwizi	Lake George	Uganda	nd	monogenetic volcanic field	-0.088270	30.203100	920	1	G(P)TYL1	maar		R	420	360	1.19E+05	1,300	0.857	0.942
203	8	Bushenyi	Lake George	Uganda	nd	monogenetic volcanic field	-0.051670	30.171900	965	1	G(P)TYL1	maar		R	350	300	8.25E+04	1,080	0.857	0.943
204	9	Kahendero	Lake George	Uganda	nd	monogenetic volcanic field	-0.034200	30.196300	970	1	G(P)TYL1	maar		R	480	400	1.51E+05	1,480	0.833	0.934
205	10	Nyamwamba	Lake George	Uganda	nd	monogenetic volcanic field	-0.064400	30.236700	945	1	G(P)TYL1	maar		R	300	260	6.13E+04	930	0.867	0.944
206	11	Kichwamba	Lake George	Uganda	nd	monogenetic volcanic field	-0.016560	30.164500	990	1	G(P)TYL1	maar		R	560	480	2.11E+05	1,740	0.857	0.935
207	12	Rugazi	Lake George	Uganda	nd	monogenetic volcanic field	-0.094870	30.218900	925	1	G(P)TYL1	maar		R	400	340	1.07E+05	1,230	0.850	0.942
208	13	Kabuga	Lake George	Uganda	nd	monogenetic volcanic field	-0.039660	30.208200	965	1	G(P)TYL1	maar		R	330	280	7.26E+04	1,020	0.848	0.937
209	14	Nyakasura	Lake George	Uganda	nd	monogenetic volcanic field	-0.075120	30.181500	935	1	G(P)TYL1	maar		R	510	440	1.76E+05	1,590	0.863	0.936
210	15	Ibamba	Lake George	Uganda	nd	monogenetic volcanic field	-0.028330	30.225400	975	1	G(P)TYL1	maar		R	290	250	5.69E+04	900	0.862	0.944
211	16	Lake Mwenda	Lake George	Uganda	nd	monogenetic volcanic field	-0.057440	30.245600	950	1	G(P)TYL1	maar		R	440	380	1.31E+05	1,370	0.864	0.938
212	1	A Pmothoudou	Lake George	Equatorial Guinea	nd	stratovolcano	-1.417830	5.635200	100	1	G(P)TYL1	caldera		R	460	400	1.45E+05	1,440	0.870	0.934
213	1	Malabo	Bioko	Equatorial Guinea	225010	shield volcano	3.457730	8.762950	2,260	1	G(P)TYL1	caldera		R	1,010	960	7.62E+05	3,180	0.950	0.977
214	1	Queen's Mary Hole	Tristan da Cunha	United Kingdom	386010	shield volcano, pyroclastic cones, lava domes	-37.106610	-12.286804	1,800	1	G(P)TYL1	crater		R	220	190	3.28E+04	660	0.864	0.971
215	2	Hottentot Point	Tristan da Cunha	United Kingdom	386010	shield volcano, pyroclastic cones, lava domes	-37.083740	-12.325001	450	1	G(P)TYL1	maar		R	280	230	5.06E+04	820	0.821	0.972
216	3	Stoltenhoff	Tristan da Cunha	United Kingdom	386010	shield volcano, pyroclastic cones, lava domes	-37.128410	-12.306602	300	1	G(P)TYL1	maar		R	180	160	2.26E+04	540	0.889	0.986
217	4	Middle Pond	Tristan da Cunha	United Kingdom	386010	shield volcano, pyroclastic cones, lava domes	-37.077510	-12.264009	700	1	G(P)TYL1	maar		R	120	100	9.42E+03	360	0.833	0.961
218	5	Flat Pond	Tristan da Cunha	United Kingdom	386010	shield volcano, pyroclastic cones, lava domes	-37.092660	-12.261006	750	1	G(P)TYL1	maar		R	140	110	1.21E+04	410	0.786	0.953
219	1	Karthala	Grand Comore	Comoros	233010	shield volcano	-11.750000	43.380000	2,300	1	G(P)TYL1	crater (ephemeral)		R	280	200	4.40E+04	850	0.714	0.875
220	2	Dziani Boundouni	Moheli	Comoros	233020	shield volcano	-12.293100	43.682700	180	1	G(P)TYL1	maar		R	460	390	1.41E+05	1,420	0.848	0.937
221	1	Dziani Dzaha	Mayotte	Comoros	233005	shield volcano	-12.770000	45.288000	10	1	G(P)TYL1	maar		R	860	480	3.24E+05	2,500	0.558	0.810
Average value																			0.8049	0.9074
